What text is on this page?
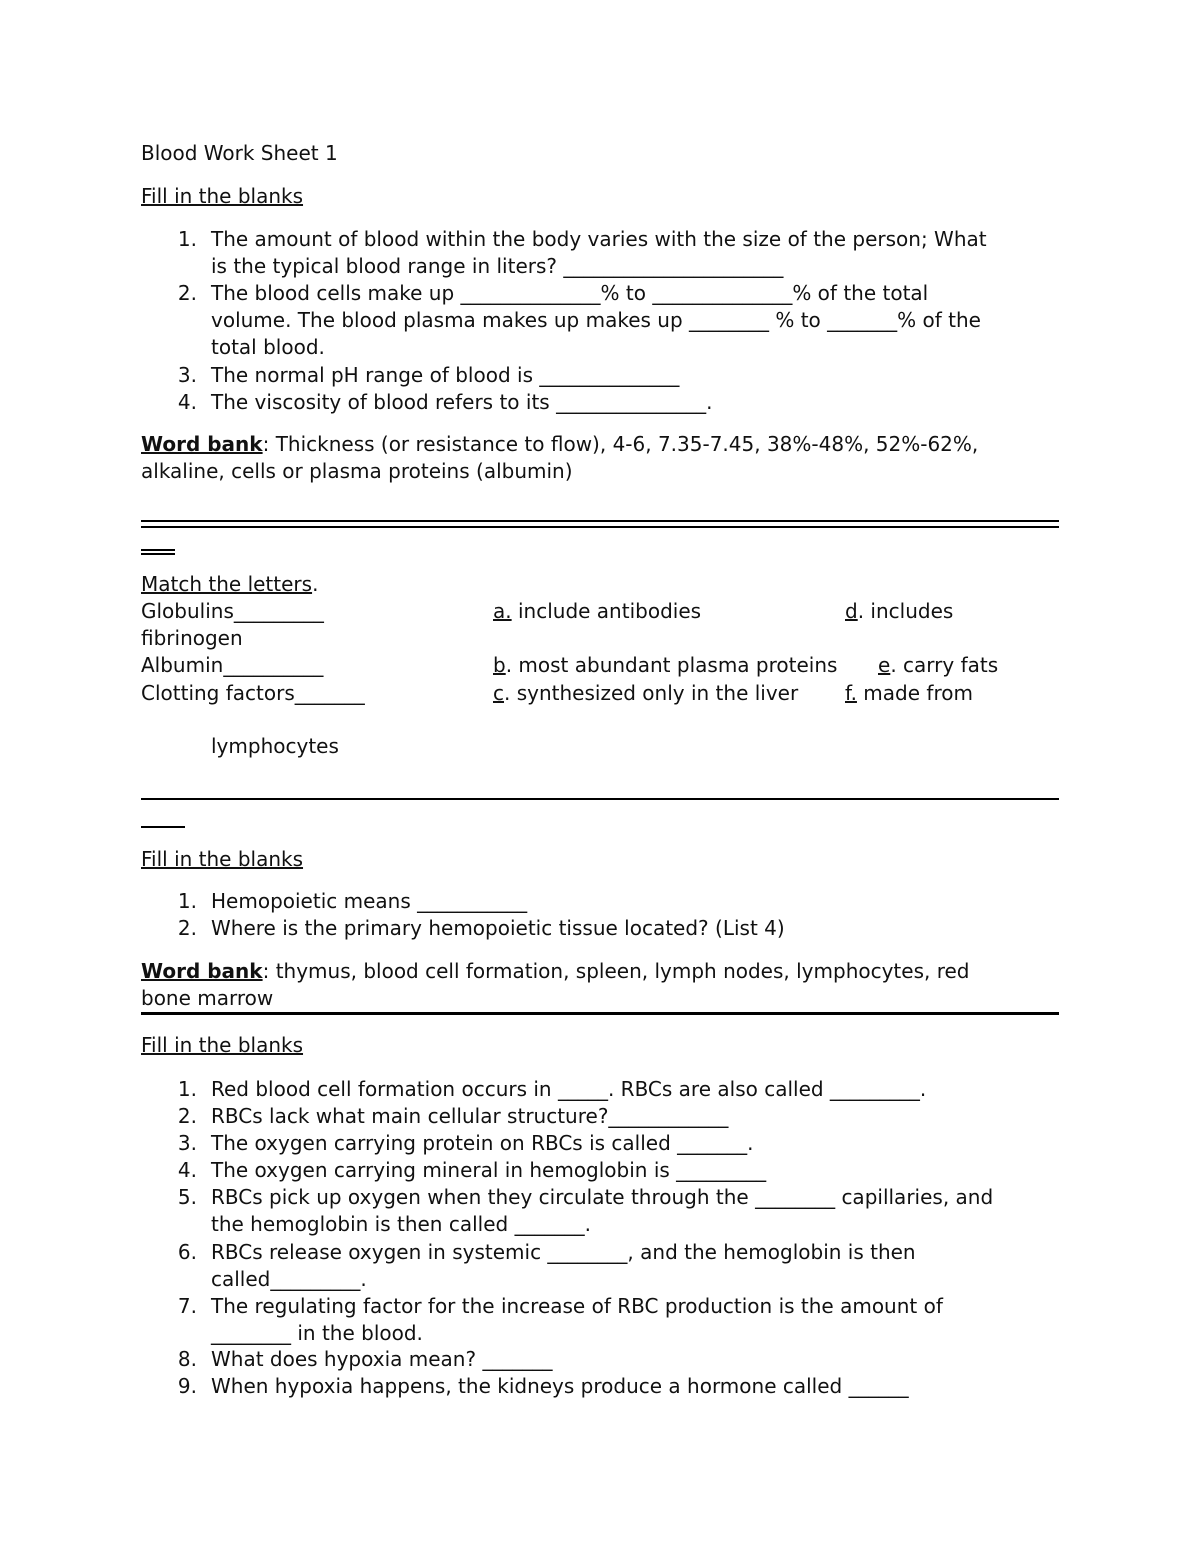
Blood Work Sheet 1
Fill in the blanks
1. The amount of blood within the body varies with the size of the person; What
is the typical blood range in liters? ______________________
2. The blood cells make up ______________% to ______________% of the total
volume. The blood plasma makes up makes up ________ % to _______% of the
total blood.
3. The normal pH range of blood is ______________
4. The viscosity of blood refers to its _______________.
Word bank: Thickness (or resistance to flow), 4-6, 7.35-7.45, 38%-48%, 52%-62%,
alkaline, cells or plasma proteins (albumin)
Match the letters.
Globulins_________	a. include antibodies	d. includes
fibrinogen
Albumin__________	b. most abundant plasma proteins e. carry fats
Clotting factors_______	c. synthesized only in the liver f. made from
lymphocytes
Fill in the blanks
1. Hemopoietic means ___________
2. Where is the primary hemopoietic tissue located? (List 4)
Word bank: thymus, blood cell formation, spleen, lymph nodes, lymphocytes, red
bone marrow
Fill in the blanks
1. Red blood cell formation occurs in _____. RBCs are also called _________.
2. RBCs lack what main cellular structure?____________
3. The oxygen carrying protein on RBCs is called _______.
4. The oxygen carrying mineral in hemoglobin is _________
5. RBCs pick up oxygen when they circulate through the ________ capillaries, and
the hemoglobin is then called _______.
6. RBCs release oxygen in systemic ________, and the hemoglobin is then
called_________.
7. The regulating factor for the increase of RBC production is the amount of
________ in the blood.
8. What does hypoxia mean? _______
9. When hypoxia happens, the kidneys produce a hormone called ______
